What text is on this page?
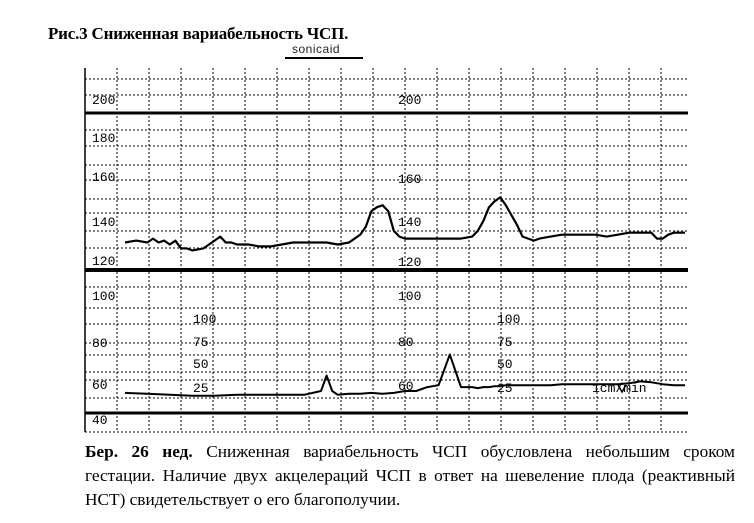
Рис.3 Сниженная вариабельность ЧСП.
sonicaid
200
180
160
140
120
100
80
60
40
200
160
140
120
100
80
60
100	100
75	75
50	50
25	25	1cm/min
Бер. 26 нед. Сниженная вариабельность ЧСП обусловлена небольшим сроком гестации. Наличие двух акцелераций ЧСП в ответ на шевеление плода (реактивный НСТ) свидетельствует о его благополучии.
